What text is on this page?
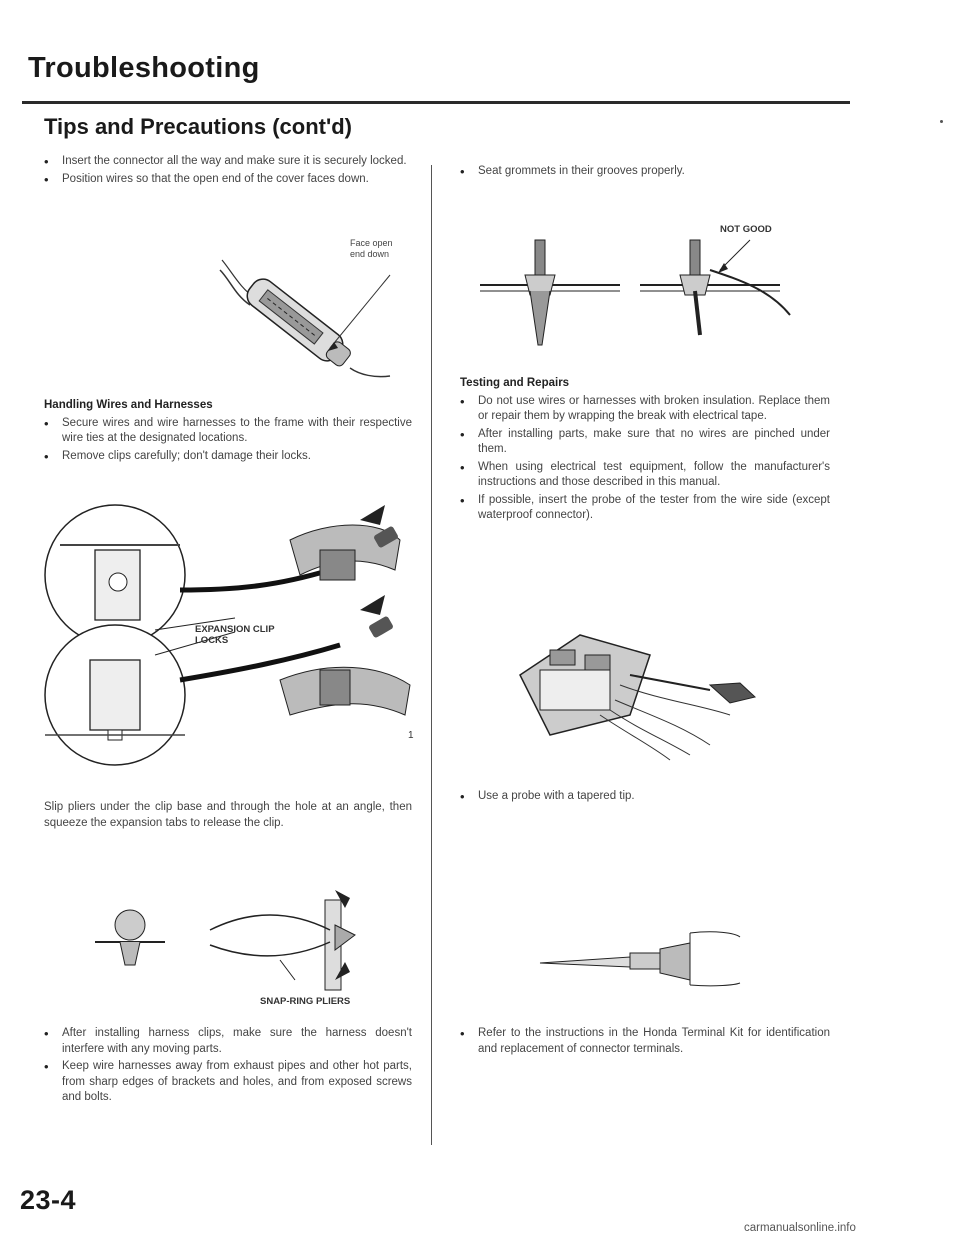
Troubleshooting
Tips and Precautions (cont'd)
• Insert the connector all the way and make sure it is securely locked.
• Position wires so that the open end of the cover faces down.
Face open end down
Handling Wires and Harnesses
• Secure wires and wire harnesses to the frame with their respective wire ties at the designated locations.
• Remove clips carefully; don't damage their locks.
1
EXPANSION CLIP LOCKS

Slip pliers under the clip base and through the hole at an angle, then squeeze the expansion tabs to release the clip.

SNAP-RING PLIERS
• After installing harness clips, make sure the harness doesn't interfere with any moving parts.
• Keep wire harnesses away from exhaust pipes and other hot parts, from sharp edges of brackets and holes, and from exposed screws and bolts.
• Seat grommets in their grooves properly.
NOT GOOD
Testing and Repairs
• Do not use wires or harnesses with broken insulation. Replace them or repair them by wrapping the break with electrical tape.
• After installing parts, make sure that no wires are pinched under them.
• When using electrical test equipment, follow the manufacturer's instructions and those described in this manual.
• If possible, insert the probe of the tester from the wire side (except waterproof connector).
• Use a probe with a tapered tip.
• Refer to the instructions in the Honda Terminal Kit for identification and replacement of connector terminals.
23-4
carmanualsonline.info
